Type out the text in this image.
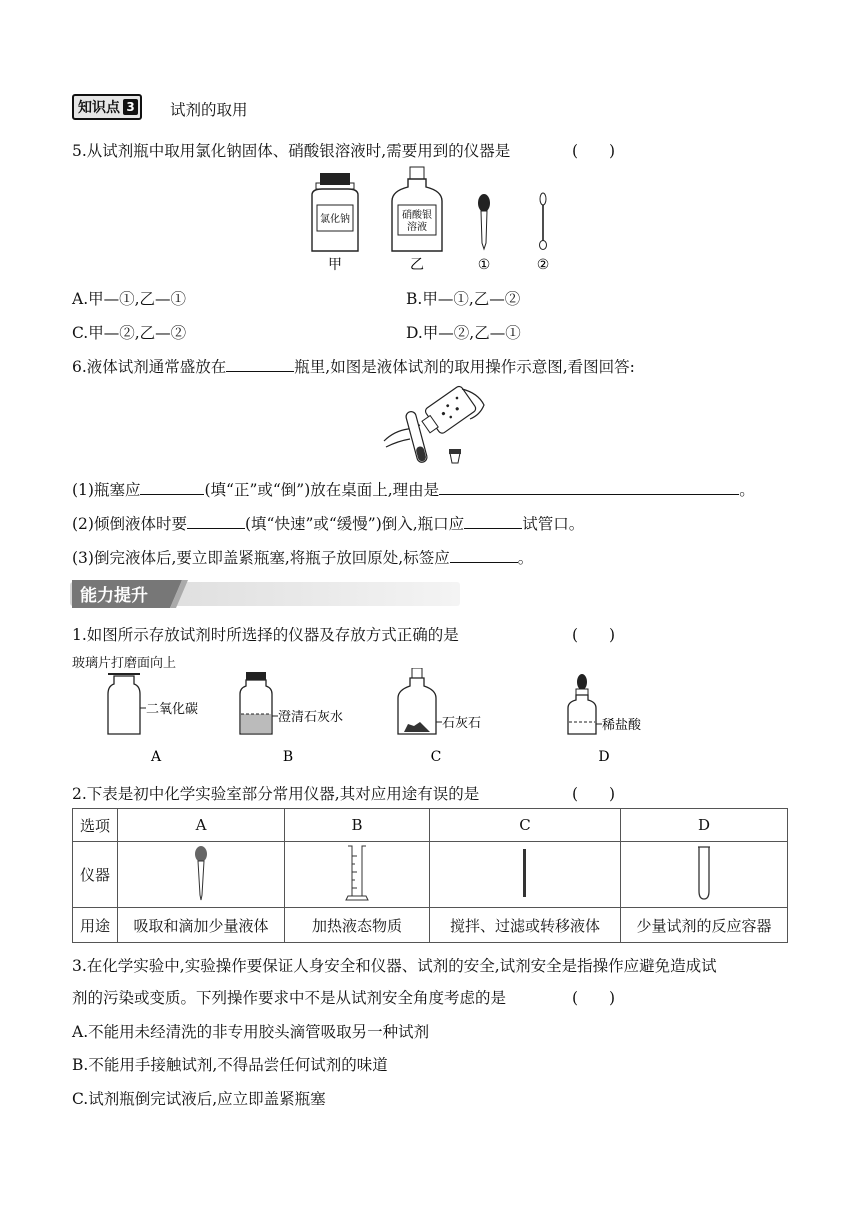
知识点 3 试剂的取用
5.从试剂瓶中取用氯化钠固体、硝酸银溶液时,需要用到的仪器是	(　　)
氯化钠	硝酸银
溶液
甲	乙	①	②
A.甲—①,乙—①	B.甲—①,乙—②
C.甲—②,乙—②	D.甲—②,乙—①
6.液体试剂通常盛放在	瓶里,如图是液体试剂的取用操作示意图,看图回答:
(1)瓶塞应	(填“正”或“倒”)放在桌面上,理由是	。
(2)倾倒液体时要	(填“快速”或“缓慢”)倒入,瓶口应	试管口。
(3)倒完液体后,要立即盖紧瓶塞,将瓶子放回原处,标签应	。
能力提升
1.如图所示存放试剂时所选择的仪器及存放方式正确的是	(　　)
玻璃片打磨面向上
二氧化碳
澄清石灰水	石灰石	稀盐酸
A	B	C	D
2.下表是初中化学实验室部分常用仪器,其对应用途有误的是	(　　)
选项	A	B	C	D
仪器				
用途	吸取和滴加少量液体	加热液态物质	搅拌、过滤或转移液体	少量试剂的反应容器
3.在化学实验中,实验操作要保证人身安全和仪器、试剂的安全,试剂安全是指操作应避免造成试
剂的污染或变质。下列操作要求中不是从试剂安全角度考虑的是	(　　)
A.不能用未经清洗的非专用胶头滴管吸取另一种试剂
B.不能用手接触试剂,不得品尝任何试剂的味道
C.试剂瓶倒完试液后,应立即盖紧瓶塞
